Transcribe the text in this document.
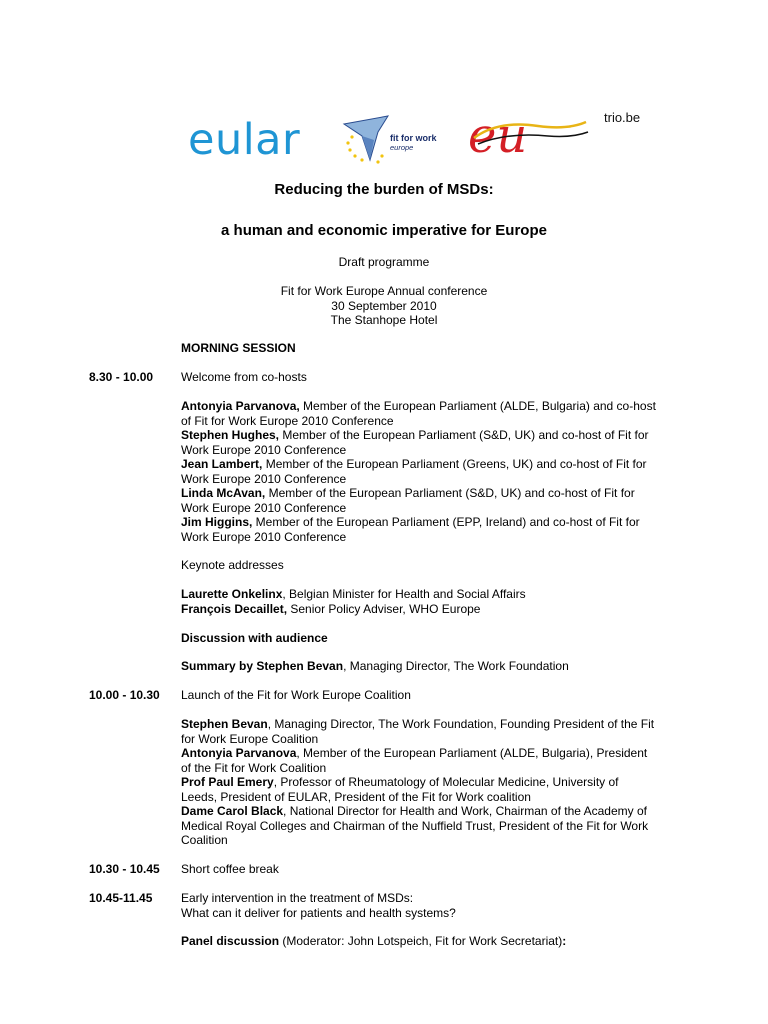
eular	fit for work
europe	eu	trio.be
Reducing the burden of MSDs:
a human and economic imperative for Europe
Draft programme
Fit for Work Europe Annual conference
30 September 2010
The Stanhope Hotel
MORNING SESSION
8.30 - 10.00 Welcome from co-hosts
Antonyia Parvanova, Member of the European Parliament (ALDE, Bulgaria) and co-host
of Fit for Work Europe 2010 Conference
Stephen Hughes, Member of the European Parliament (S&D, UK) and co-host of Fit for
Work Europe 2010 Conference
Jean Lambert, Member of the European Parliament (Greens, UK) and co-host of Fit for
Work Europe 2010 Conference
Linda McAvan, Member of the European Parliament (S&D, UK) and co-host of Fit for
Work Europe 2010 Conference
Jim Higgins, Member of the European Parliament (EPP, Ireland) and co-host of Fit for
Work Europe 2010 Conference
Keynote addresses
Laurette Onkelinx, Belgian Minister for Health and Social Affairs
François Decaillet, Senior Policy Adviser, WHO Europe
Discussion with audience
Summary by Stephen Bevan, Managing Director, The Work Foundation
10.00 - 10.30 Launch of the Fit for Work Europe Coalition
Stephen Bevan, Managing Director, The Work Foundation, Founding President of the Fit
for Work Europe Coalition
Antonyia Parvanova, Member of the European Parliament (ALDE, Bulgaria), President
of the Fit for Work Coalition
Prof Paul Emery, Professor of Rheumatology of Molecular Medicine, University of
Leeds, President of EULAR, President of the Fit for Work coalition
Dame Carol Black, National Director for Health and Work, Chairman of the Academy of
Medical Royal Colleges and Chairman of the Nuffield Trust, President of the Fit for Work
Coalition
10.30 - 10.45 Short coffee break
10.45-11.45 Early intervention in the treatment of MSDs:
What can it deliver for patients and health systems?
Panel discussion (Moderator: John Lotspeich, Fit for Work Secretariat):
